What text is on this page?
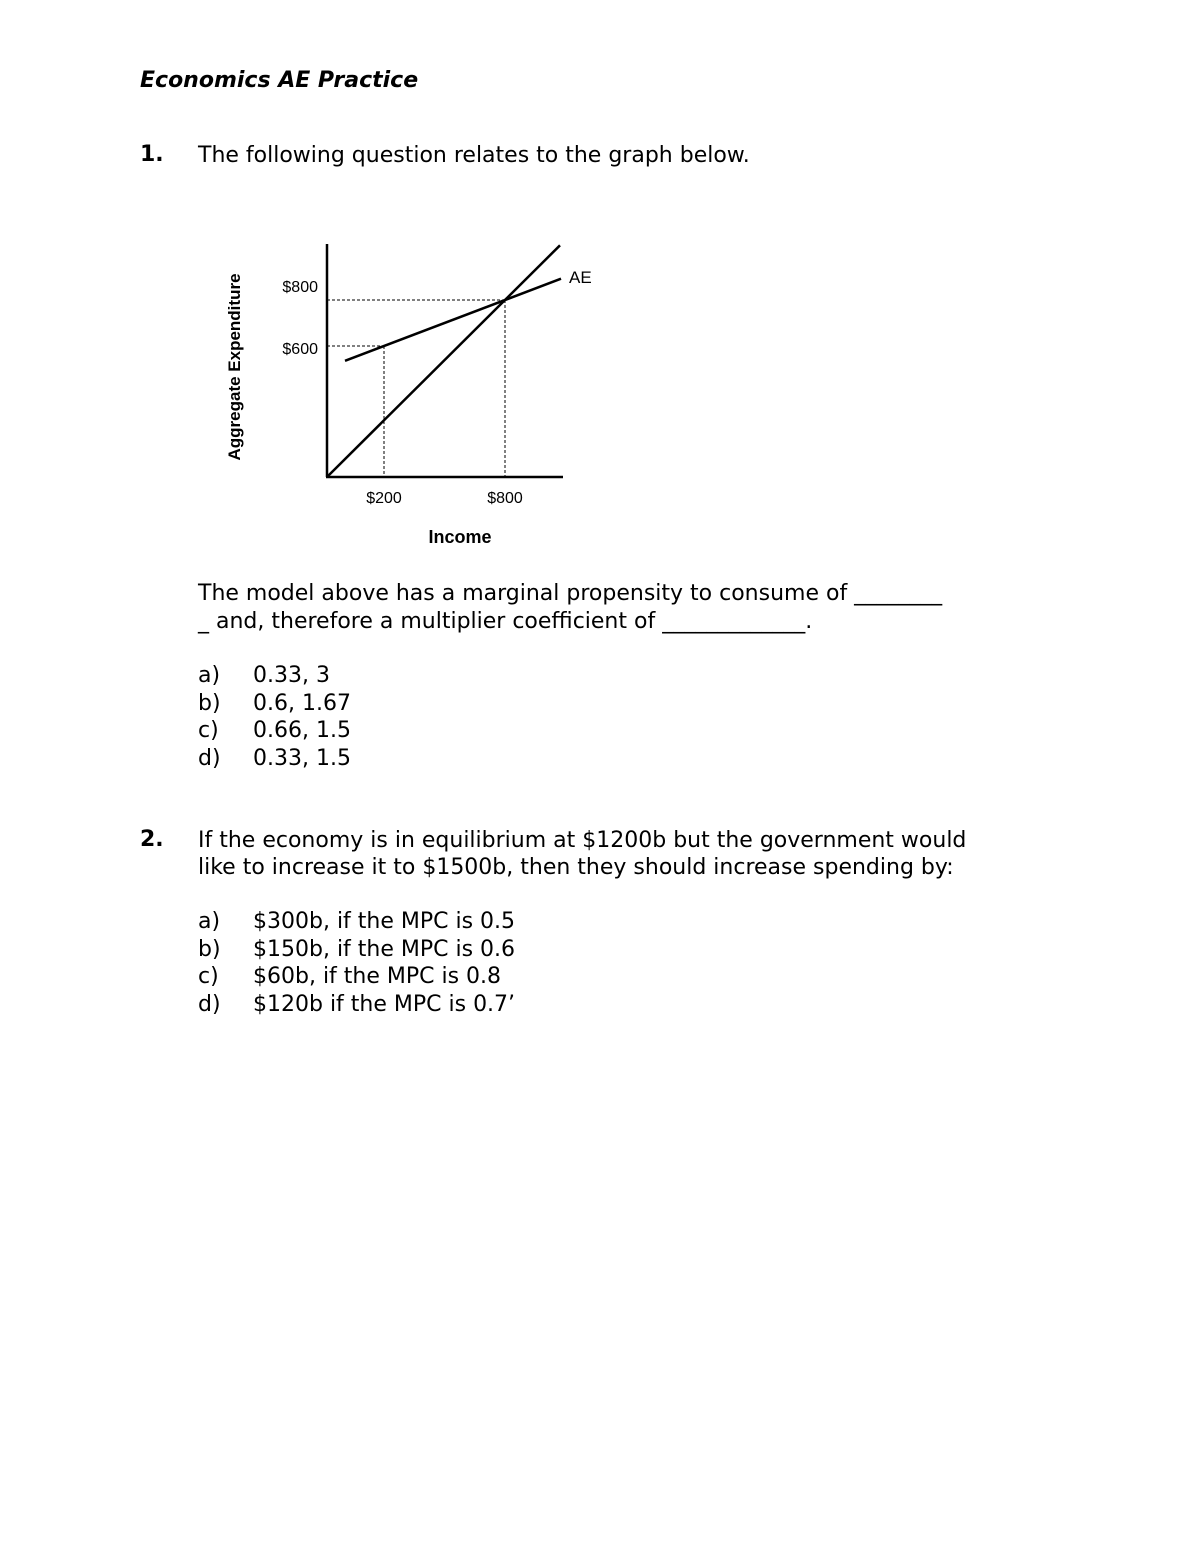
Economics AE Practice
1. The following question relates to the graph below.
$600
$800
$200	$800
Income
Aggregate Expenditure	AE
The model above has a marginal propensity to consume of ________
_ and, therefore a multiplier coefficient of _____________.
a) 0.33, 3
b) 0.6, 1.67
c) 0.66, 1.5
d) 0.33, 1.5
2. If the economy is in equilibrium at $1200b but the government would
like to increase it to $1500b, then they should increase spending by:
a) $300b, if the MPC is 0.5
b) $150b, if the MPC is 0.6
c) $60b, if the MPC is 0.8
d) $120b if the MPC is 0.7’
